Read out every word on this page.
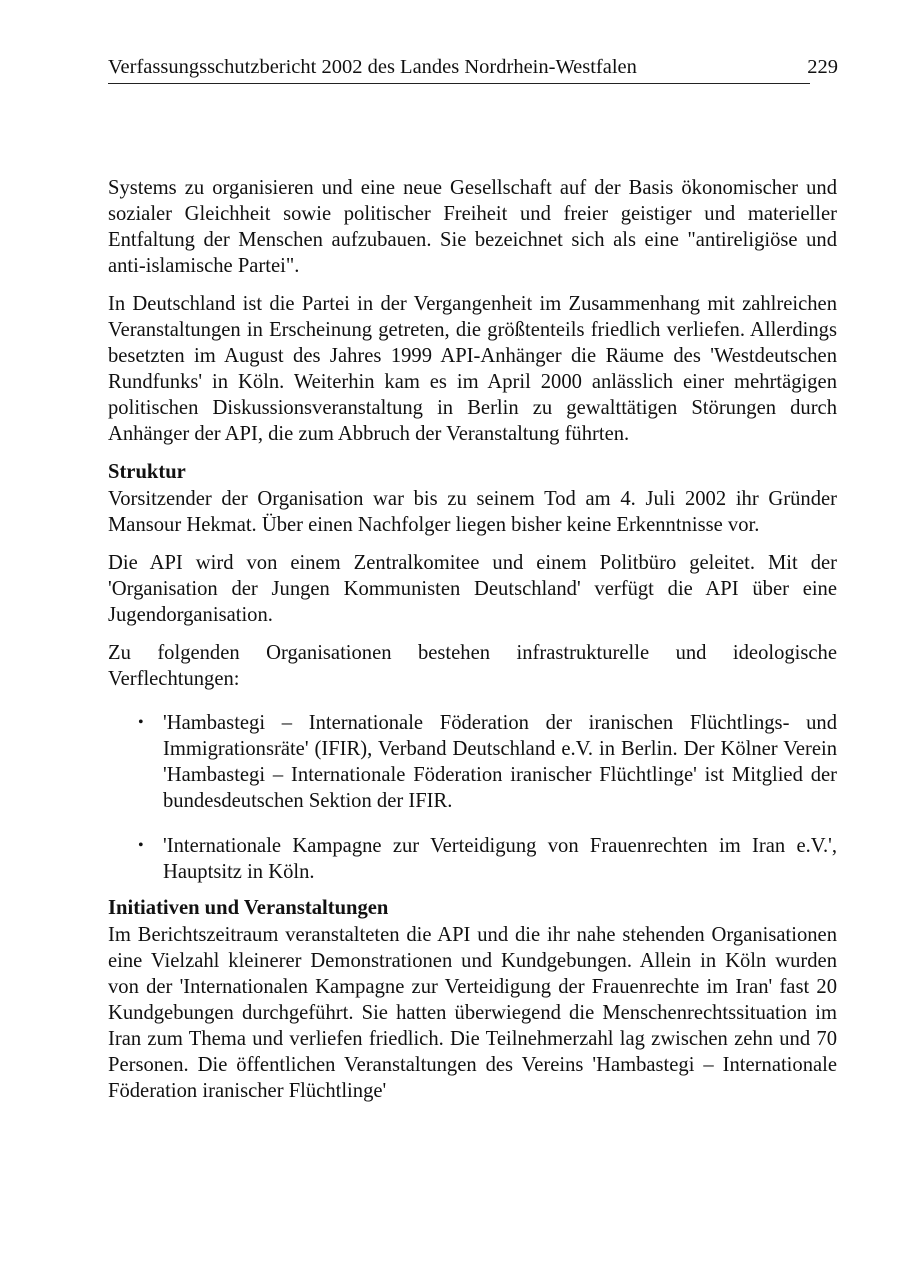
Verfassungsschutzbericht 2002 des Landes Nordrhein-Westfalen	229

Systems zu organisieren und eine neue Gesellschaft auf der Basis ökonomischer und sozialer Gleichheit sowie politischer Freiheit und freier geistiger und materieller Entfaltung der Menschen aufzubauen. Sie bezeichnet sich als eine "antireligiöse und anti-islamische Partei".

In Deutschland ist die Partei in der Vergangenheit im Zusammenhang mit zahlreichen Veranstaltungen in Erscheinung getreten, die größtenteils friedlich verliefen. Allerdings besetzten im August des Jahres 1999 API-Anhänger die Räume des 'Westdeutschen Rundfunks' in Köln. Weiterhin kam es im April 2000 anlässlich einer mehrtägigen politischen Diskussionsveranstaltung in Berlin zu gewalttätigen Störungen durch Anhänger der API, die zum Abbruch der Veranstaltung führten.

Struktur

Vorsitzender der Organisation war bis zu seinem Tod am 4. Juli 2002 ihr Gründer Mansour Hekmat. Über einen Nachfolger liegen bisher keine Erkenntnisse vor.

Die API wird von einem Zentralkomitee und einem Politbüro geleitet. Mit der 'Organisation der Jungen Kommunisten Deutschland' verfügt die API über eine Jugendorganisation.

Zu folgenden Organisationen bestehen infrastrukturelle und ideologische Verflechtungen:

• 'Hambastegi – Internationale Föderation der iranischen Flüchtlings- und Immigrationsräte' (IFIR), Verband Deutschland e.V. in Berlin. Der Kölner Verein 'Hambastegi – Internationale Föderation iranischer Flüchtlinge' ist Mitglied der bundesdeutschen Sektion der IFIR.
• 'Internationale Kampagne zur Verteidigung von Frauenrechten im Iran e.V.', Hauptsitz in Köln.
Initiativen und Veranstaltungen

Im Berichtszeitraum veranstalteten die API und die ihr nahe stehenden Organisationen eine Vielzahl kleinerer Demonstrationen und Kundgebungen. Allein in Köln wurden von der 'Internationalen Kampagne zur Verteidigung der Frauenrechte im Iran' fast 20 Kundgebungen durchgeführt. Sie hatten überwiegend die Menschenrechtssituation im Iran zum Thema und verliefen friedlich. Die Teilnehmerzahl lag zwischen zehn und 70 Personen. Die öffentlichen Veranstaltungen des Vereins 'Hambastegi – Internationale Föderation iranischer Flüchtlinge'
